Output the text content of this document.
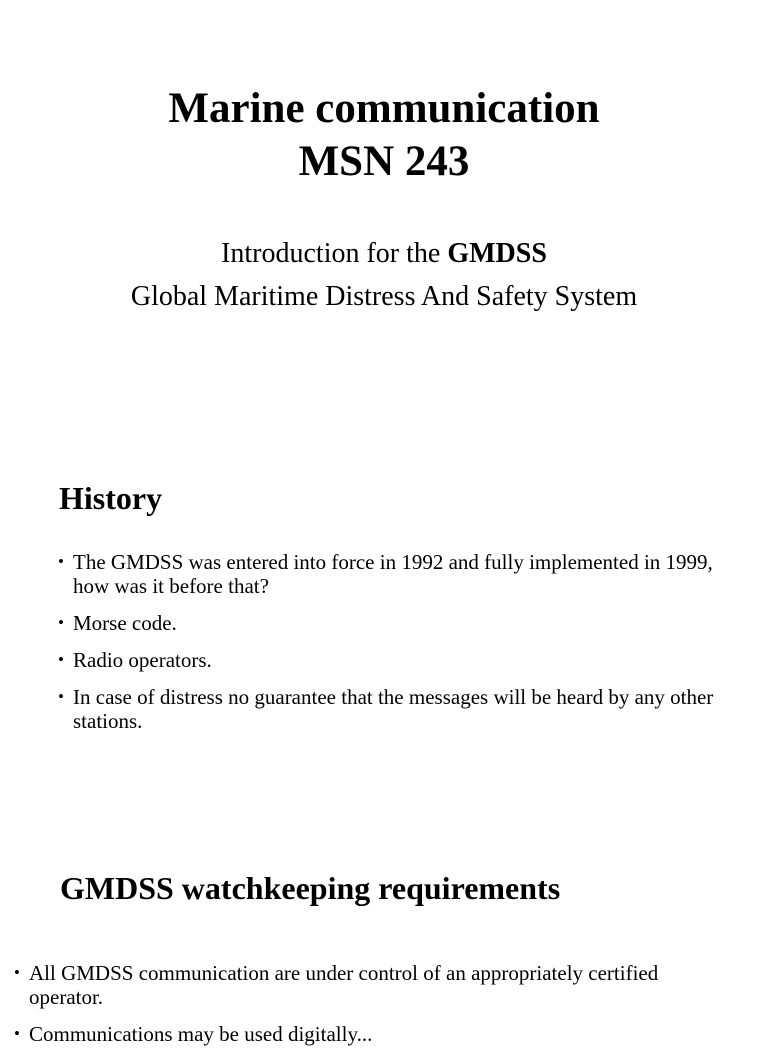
Marine communication
MSN 243

Introduction for the GMDSS
Global Maritime Distress And Safety System

History
• The GMDSS was entered into force in 1992 and fully implemented in 1999, how was it before that?
• Morse code.
• Radio operators.
• In case of distress no guarantee that the messages will be heard by any other stations.
GMDSS watchkeeping requirements
• All GMDSS communication are under control of an appropriately certified operator.
• Communications may be used digitally...
